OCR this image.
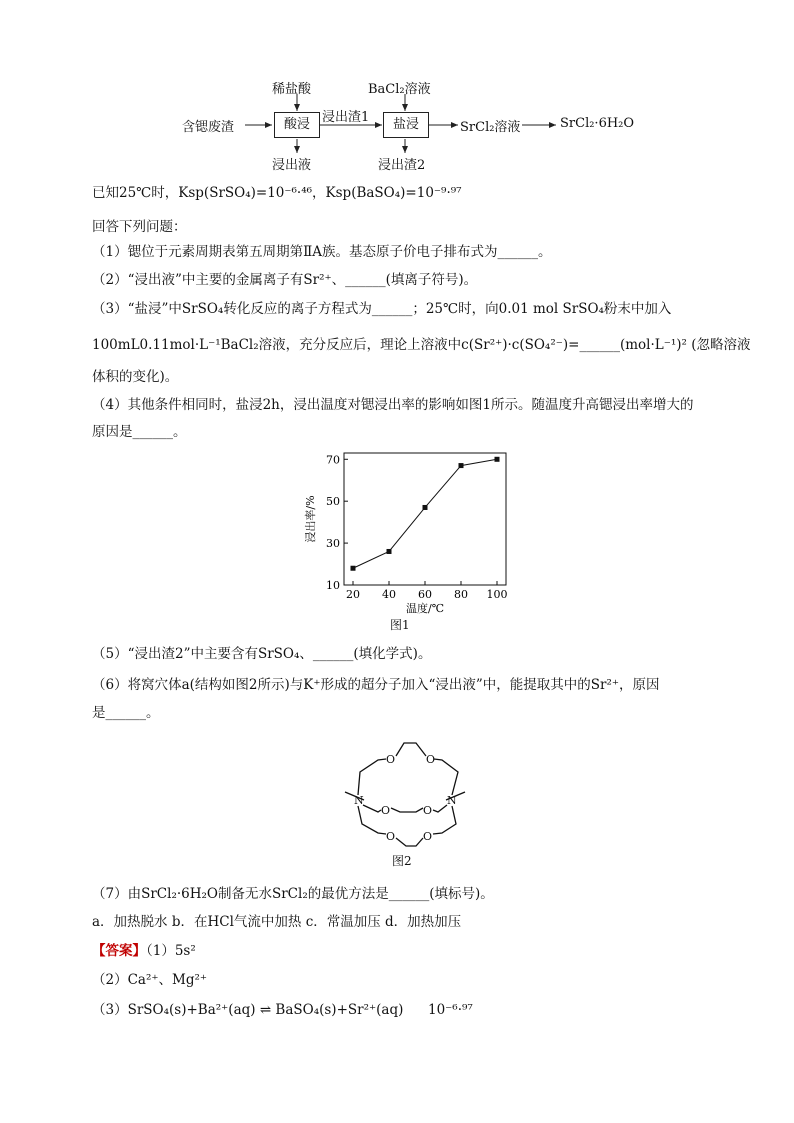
稀盐酸	BaCl₂溶液
含锶废渣	酸浸 浸出渣1	盐浸	SrCl₂溶液	SrCl₂·6H₂O
浸出液	浸出渣2
已知25℃时，Ksp(SrSO₄)=10⁻⁶·⁴⁶，Ksp(BaSO₄)=10⁻⁹·⁹⁷
回答下列问题：
（1）锶位于元素周期表第五周期第ⅡA族。基态原子价电子排布式为______。
（2）“浸出液”中主要的金属离子有Sr²⁺、______(填离子符号)。
（3）“盐浸”中SrSO₄转化反应的离子方程式为______；25℃时，向0.01 mol SrSO₄粉末中加入
100mL0.11mol·L⁻¹BaCl₂溶液，充分反应后，理论上溶液中c(Sr²⁺)·c(SO₄²⁻)=______(mol·L⁻¹)² (忽略溶液
体积的变化)。
（4）其他条件相同时，盐浸2h，浸出温度对锶浸出率的影响如图1所示。随温度升高锶浸出率增大的
原因是______。
20 40 60 80 100
10
30
50
70
温度/℃
浸出率/%
图1
（5）“浸出渣2”中主要含有SrSO₄、______(填化学式)。
（6）将窝穴体a(结构如图2所示)与K⁺形成的超分子加入“浸出液”中，能提取其中的Sr²⁺，原因
是______。
O	O
O	O
O	O
N	N
图2
（7）由SrCl₂·6H₂O制备无水SrCl₂的最优方法是______(填标号)。
a．加热脱水 b．在HCl气流中加热 c．常温加压 d．加热加压
【答案】（1）5s²
（2）Ca²⁺、Mg²⁺
（3）SrSO₄(s)+Ba²⁺(aq) ⇌ BaSO₄(s)+Sr²⁺(aq) 10⁻⁶·⁹⁷
